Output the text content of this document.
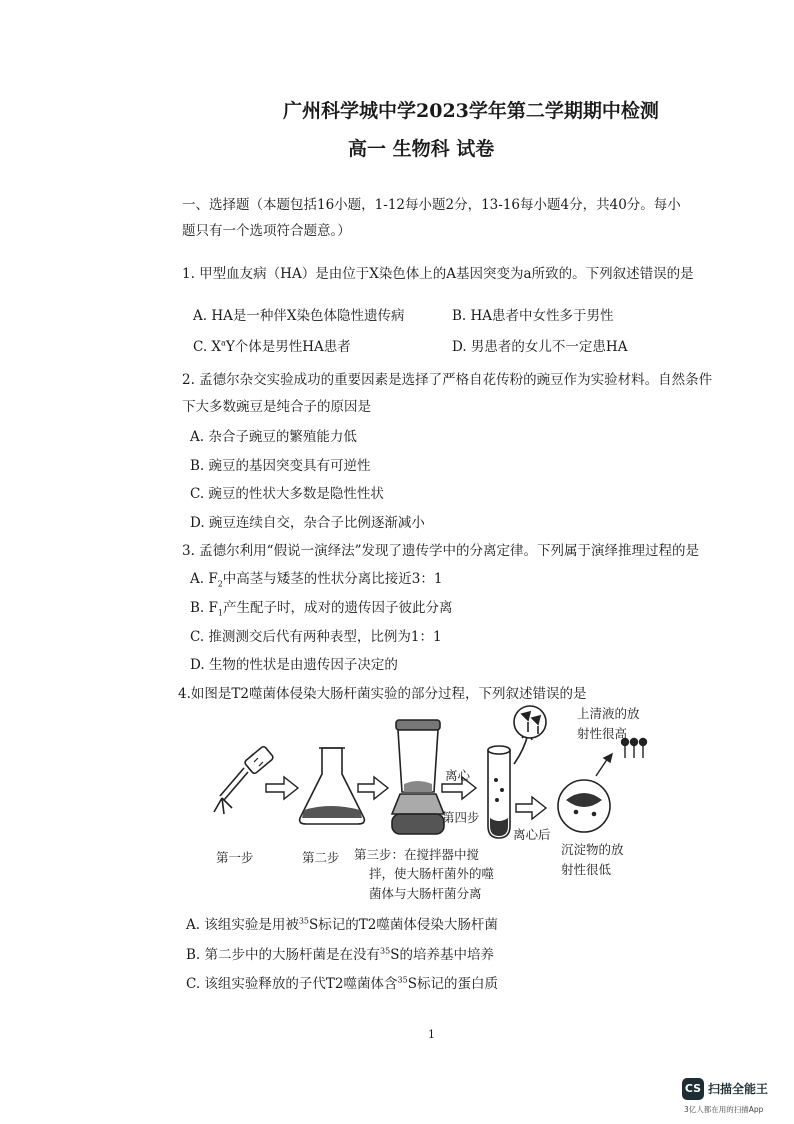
广州科学城中学2023学年第二学期期中检测
高一 生物科 试卷
一、选择题（本题包括16小题，1-12每小题2分，13-16每小题4分，共40分。每小题只有一个选项符合题意。）
1. 甲型血友病（HA）是由位于X染色体上的A基因突变为a所致的。下列叙述错误的是
A. HA是一种伴X染色体隐性遗传病	B. HA患者中女性多于男性
C. $X^aY$个体是男性HA患者	D. 男患者的女儿不一定患HA
2. 孟德尔杂交实验成功的重要因素是选择了严格自花传粉的豌豆作为实验材料。自然条件
下大多数豌豆是纯合子的原因是
A. 杂合子豌豆的繁殖能力低
B. 豌豆的基因突变具有可逆性
C. 豌豆的性状大多数是隐性性状
D. 豌豆连续自交，杂合子比例逐渐减小
3. 孟德尔利用“假说一演绎法”发现了遗传学中的分离定律。下列属于演绎推理过程的是
A. $F_2$中高茎与矮茎的性状分离比接近3：1
B. $F_1$产生配子时，成对的遗传因子彼此分离
C. 推测测交后代有两种表型，比例为1：1
D. 生物的性状是由遗传因子决定的
4.如图是T2噬菌体侵染大肠杆菌实验的部分过程，下列叙述错误的是
第一步	第二步 第三步：在搅拌器中搅
拌，使大肠杆菌外的噬
菌体与大肠杆菌分离
离心
第四步
离心后
上清液的放
射性很高
沉淀物的放
射性很低
A. 该组实验是用被$^{35}$S标记的T2噬菌体侵染大肠杆菌
B. 第二步中的大肠杆菌是在没有$^{35}$S的培养基中培养
C. 该组实验释放的子代T2噬菌体含$^{35}$S标记的蛋白质
1
CS 扫描全能王
3亿人都在用的扫描App
